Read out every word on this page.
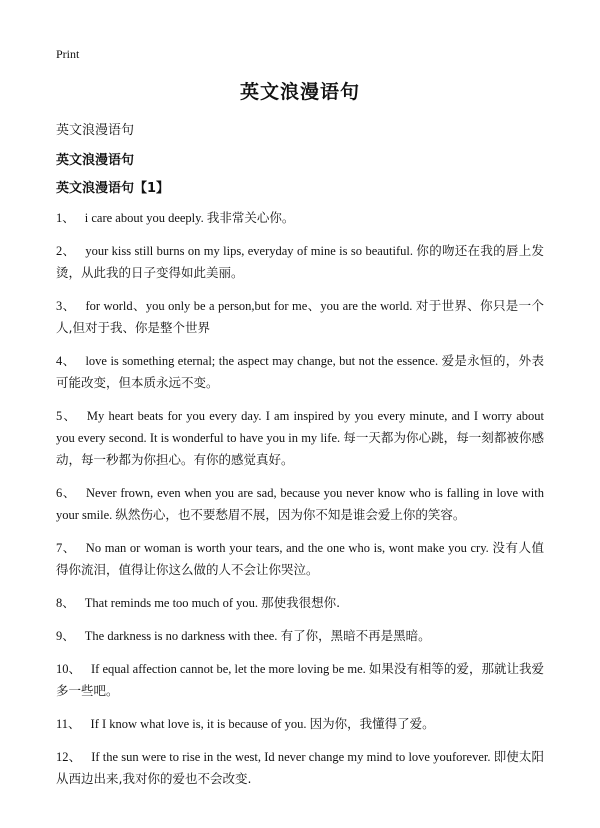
Print

英文浪漫语句

英文浪漫语句

英文浪漫语句

英文浪漫语句【1】

1、 i care about you deeply. 我非常关心你。
2、 your kiss still burns on my lips, everyday of mine is so beautiful. 你的吻还在我的唇上发烫，从此我的日子变得如此美丽。
3、 for world、you only be a person,but for me、you are the world. 对于世界、你只是一个人,但对于我、你是整个世界
4、 love is something eternal; the aspect may change, but not the essence. 爱是永恒的，外表可能改变，但本质永远不变。
5、 My heart beats for you every day. I am inspired by you every minute, and I worry about you every second. It is wonderful to have you in my life. 每一天都为你心跳，每一刻都被你感动，每一秒都为你担心。有你的感觉真好。
6、 Never frown, even when you are sad, because you never know who is falling in love with your smile. 纵然伤心，也不要愁眉不展，因为你不知是谁会爱上你的笑容。
7、 No man or woman is worth your tears, and the one who is, wont make you cry. 没有人值得你流泪，值得让你这么做的人不会让你哭泣。
8、 That reminds me too much of you. 那使我很想你.
9、 The darkness is no darkness with thee. 有了你，黑暗不再是黑暗。
10、 If equal affection cannot be, let the more loving be me. 如果没有相等的爱，那就让我爱多一些吧。
11、 If I know what love is, it is because of you. 因为你，我懂得了爱。
12、 If the sun were to rise in the west, Id never change my mind to love youforever. 即使太阳从西边出来,我对你的爱也不会改变.
